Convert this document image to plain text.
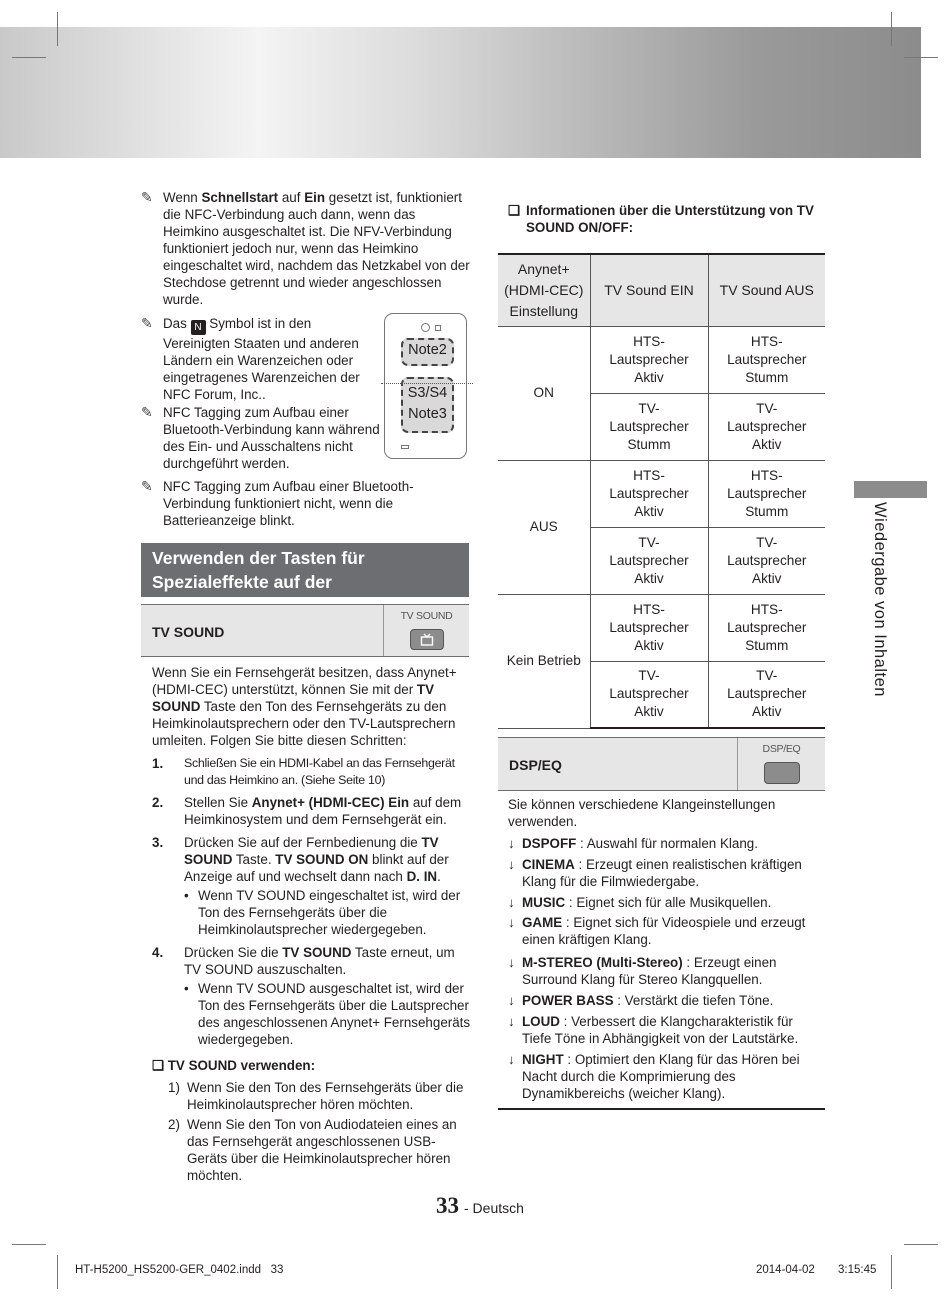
✎ Wenn Schnellstart auf Ein gesetzt ist, funktioniert die NFC-Verbindung auch dann, wenn das Heimkino ausgeschaltet ist. Die NFV-Verbindung funktioniert jedoch nur, wenn das Heimkino eingeschaltet wird, nachdem das Netzkabel von der Stechdose getrennt und wieder angeschlossen wurde.
✎ Das N Symbol ist in den Vereinigten Staaten und anderen Ländern ein Warenzeichen oder eingetragenes Warenzeichen der NFC Forum, Inc..
✎ NFC Tagging zum Aufbau einer Bluetooth-Verbindung kann während des Ein- und Ausschaltens nicht durchgeführt werden.
✎ NFC Tagging zum Aufbau einer Bluetooth-Verbindung funktioniert nicht, wenn die Batterieanzeige blinkt.
Note2
S3/S4
Note3
Verwenden der Tasten für Spezialeffekte auf der
TV SOUND
TV SOUND
Wenn Sie ein Fernsehgerät besitzen, dass Anynet+ (HDMI-CEC) unterstützt, können Sie mit der TV SOUND Taste den Ton des Fernsehgeräts zu den Heimkinolautsprechern oder den TV-Lautsprechern umleiten. Folgen Sie bitte diesen Schritten:
1. Schließen Sie ein HDMI-Kabel an das Fernsehgerät und das Heimkino an. (Siehe Seite 10)
2. Stellen Sie Anynet+ (HDMI-CEC) Ein auf dem Heimkinosystem und dem Fernsehgerät ein.
3. Drücken Sie auf der Fernbedienung die TV SOUND Taste. TV SOUND ON blinkt auf der Anzeige auf und wechselt dann nach D. IN.
4. Drücken Sie die TV SOUND Taste erneut, um TV SOUND auszuschalten.
• Wenn TV SOUND eingeschaltet ist, wird der Ton des Fernsehgeräts über die Heimkinolautsprecher wiedergegeben.
• Wenn TV SOUND ausgeschaltet ist, wird der Ton des Fernsehgeräts über die Lautsprecher des angeschlossenen Anynet+ Fernsehgeräts wiedergegeben.
❑ TV SOUND verwenden:
1) Wenn Sie den Ton des Fernsehgeräts über die Heimkinolautsprecher hören möchten.
2) Wenn Sie den Ton von Audiodateien eines an das Fernsehgerät angeschlossenen USB-Geräts über die Heimkinolautsprecher hören möchten.
❑ Informationen über die Unterstützung von TV SOUND ON/OFF:
Anynet+ (HDMI-CEC) Einstellung	TV Sound EIN	TV Sound AUS
ON	HTS-Lautsprecher Aktiv	HTS-Lautsprecher Stumm
	TV-Lautsprecher Stumm	TV-Lautsprecher Aktiv
AUS	HTS-Lautsprecher Aktiv	HTS-Lautsprecher Stumm
	TV-Lautsprecher Aktiv	TV-Lautsprecher Aktiv
Kein Betrieb	HTS-Lautsprecher Aktiv	HTS-Lautsprecher Stumm
	TV-Lautsprecher Aktiv	TV-Lautsprecher Aktiv
DSP/EQ
DSP/EQ
Sie können verschiedene Klangeinstellungen verwenden.
↓ DSPOFF : Auswahl für normalen Klang.
↓ CINEMA : Erzeugt einen realistischen kräftigen Klang für die Filmwiedergabe.
↓ MUSIC : Eignet sich für alle Musikquellen.
↓ GAME : Eignet sich für Videospiele und erzeugt einen kräftigen Klang.
↓ M-STEREO (Multi-Stereo) : Erzeugt einen Surround Klang für Stereo Klangquellen.
↓ POWER BASS : Verstärkt die tiefen Töne.
↓ LOUD : Verbessert die Klangcharakteristik für Tiefe Töne in Abhängigkeit von der Lautstärke.
↓ NIGHT : Optimiert den Klang für das Hören bei Nacht durch die Komprimierung des Dynamikbereichs (weicher Klang).
Wiedergabe von Inhalten
33 - Deutsch
HT-H5200_HS5200-GER_0402.indd   33	2014-04-02 3:15:45
